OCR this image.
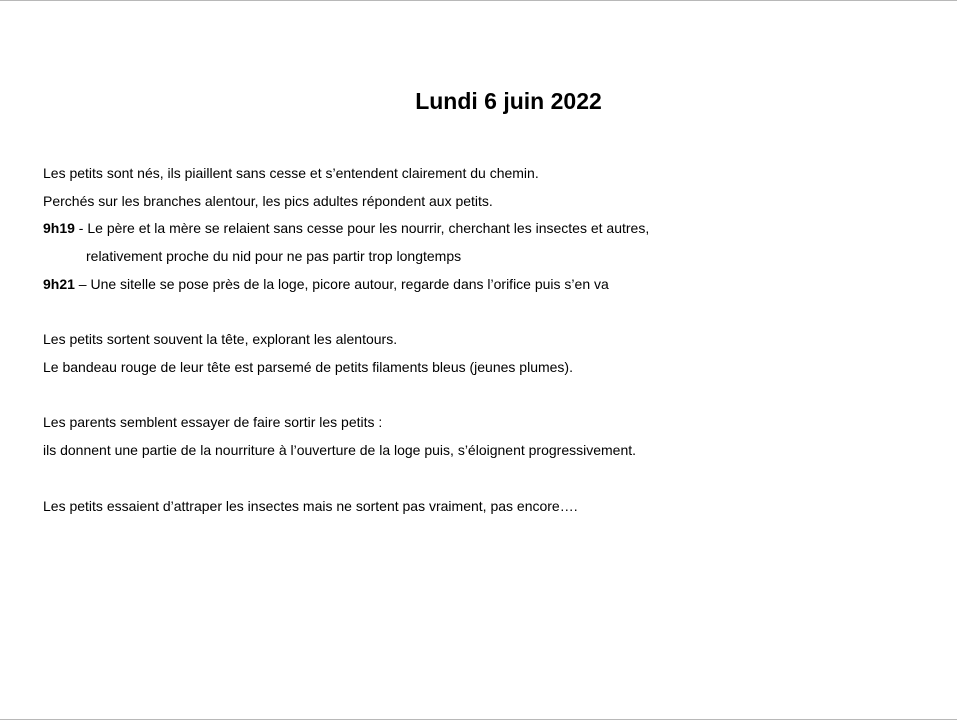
Lundi 6 juin 2022
Les petits sont nés, ils piaillent sans cesse et s’entendent clairement du chemin.
Perchés sur les branches alentour, les pics adultes répondent aux petits.
9h19 - Le père et la mère se relaient sans cesse pour les nourrir, cherchant les insectes et autres,
relativement proche du nid pour ne pas partir trop longtemps
9h21 – Une sitelle se pose près de la loge, picore autour, regarde dans l’orifice puis s’en va
Les petits sortent souvent la tête, explorant les alentours.
Le bandeau rouge de leur tête est parsemé de petits filaments bleus (jeunes plumes).
Les parents semblent essayer de faire sortir les petits :
ils donnent une partie de la nourriture à l’ouverture de la loge puis, s’éloignent progressivement.
Les petits essaient d’attraper les insectes mais ne sortent pas vraiment, pas encore….
